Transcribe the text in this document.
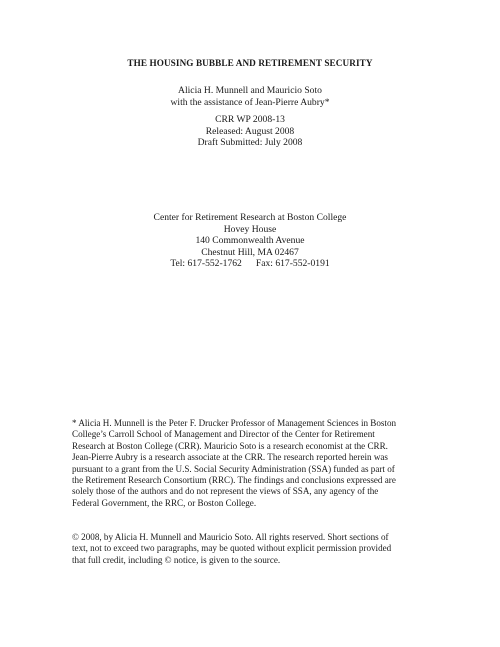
THE HOUSING BUBBLE AND RETIREMENT SECURITY
Alicia H. Munnell and Mauricio Soto
with the assistance of Jean-Pierre Aubry*
CRR WP 2008-13
Released: August 2008
Draft Submitted: July 2008
Center for Retirement Research at Boston College
Hovey House
140 Commonwealth Avenue
Chestnut Hill, MA 02467
Tel: 617-552-1762 Fax: 617-552-0191
* Alicia H. Munnell is the Peter F. Drucker Professor of Management Sciences in Boston
College’s Carroll School of Management and Director of the Center for Retirement
Research at Boston College (CRR). Mauricio Soto is a research economist at the CRR.
Jean-Pierre Aubry is a research associate at the CRR. The research reported herein was
pursuant to a grant from the U.S. Social Security Administration (SSA) funded as part of
the Retirement Research Consortium (RRC). The findings and conclusions expressed are
solely those of the authors and do not represent the views of SSA, any agency of the
Federal Government, the RRC, or Boston College.
© 2008, by Alicia H. Munnell and Mauricio Soto. All rights reserved. Short sections of
text, not to exceed two paragraphs, may be quoted without explicit permission provided
that full credit, including © notice, is given to the source.
